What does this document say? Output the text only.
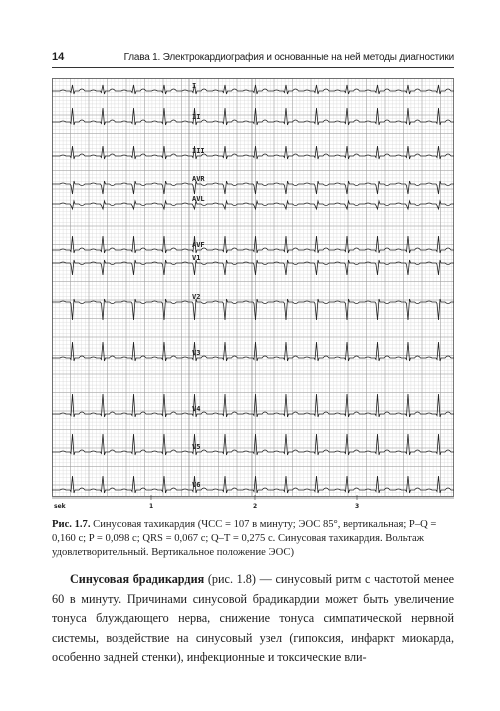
14	Глава 1. Электрокардиография и основанные на ней методы диагностики
I
II
III
AVR
AVL
AVF
V1
V2
V3
V4
V5
V6
sek	1	2	3
Рис. 1.7. Синусовая тахикардия (ЧСС = 107 в минуту; ЭОС 85°, вертикальная; P–Q = 0,160 с; P = 0,098 с; QRS = 0,067 с; Q–T = 0,275 с. Синусовая тахикардия. Вольтаж удовлетворительный. Вертикальное положение ЭОС)

Синусовая брадикардия (рис. 1.8) — синусовый ритм с частотой менее 60 в минуту. Причинами синусовой брадикардии может быть увеличение тонуса блуждающего нерва, снижение тонуса симпатической нервной системы, воздействие на синусовый узел (гипоксия, инфаркт миокарда, особенно задней стенки), инфекционные и токсические вли-
